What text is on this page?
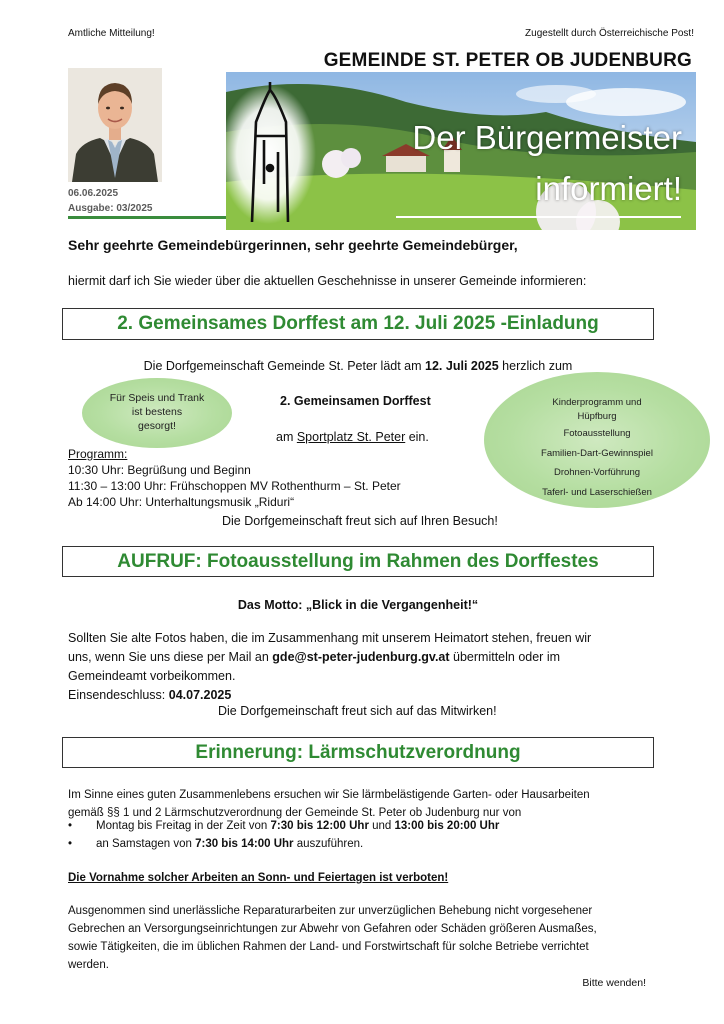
Amtliche Mitteilung!	Zugestellt durch Österreichische Post!
GEMEINDE ST. PETER OB JUDENBURG
06.06.2025
Ausgabe: 03/2025
Der Bürgermeister
informiert!
Sehr geehrte Gemeindebürgerinnen, sehr geehrte Gemeindebürger,
hiermit darf ich Sie wieder über die aktuellen Geschehnisse in unserer Gemeinde informieren:
2. Gemeinsames Dorffest am 12. Juli 2025 -Einladung
Die Dorfgemeinschaft Gemeinde St. Peter lädt am 12. Juli 2025 herzlich zum
Für Speis und Trank
ist bestens
gesorgt!
2. Gemeinsamen Dorffest
am Sportplatz St. Peter ein.
Kinderprogramm und
Hüpfburg
Fotoausstellung
Familien-Dart-Gewinnspiel
Drohnen-Vorführung
Taferl- und Laserschießen
Programm:
10:30 Uhr: Begrüßung und Beginn
11:30 – 13:00 Uhr: Frühschoppen MV Rothenthurm – St. Peter
Ab 14:00 Uhr: Unterhaltungsmusik „Riduri“
Die Dorfgemeinschaft freut sich auf Ihren Besuch!
AUFRUF: Fotoausstellung im Rahmen des Dorffestes
Das Motto: „Blick in die Vergangenheit!“
Sollten Sie alte Fotos haben, die im Zusammenhang mit unserem Heimatort stehen, freuen wir
uns, wenn Sie uns diese per Mail an gde@st-peter-judenburg.gv.at übermitteln oder im
Gemeindeamt vorbeikommen.
Einsendeschluss: 04.07.2025
Die Dorfgemeinschaft freut sich auf das Mitwirken!
Erinnerung: Lärmschutzverordnung
Im Sinne eines guten Zusammenlebens ersuchen wir Sie lärmbelästigende Garten- oder Hausarbeiten
gemäß §§ 1 und 2 Lärmschutzverordnung der Gemeinde St. Peter ob Judenburg nur von
• Montag bis Freitag in der Zeit von 7:30 bis 12:00 Uhr und 13:00 bis 20:00 Uhr
• an Samstagen von 7:30 bis 14:00 Uhr auszuführen.
Die Vornahme solcher Arbeiten an Sonn- und Feiertagen ist verboten!
Ausgenommen sind unerlässliche Reparaturarbeiten zur unverzüglichen Behebung nicht vorgesehener
Gebrechen an Versorgungseinrichtungen zur Abwehr von Gefahren oder Schäden größeren Ausmaßes,
sowie Tätigkeiten, die im üblichen Rahmen der Land- und Forstwirtschaft für solche Betriebe verrichtet
werden.
Bitte wenden!
